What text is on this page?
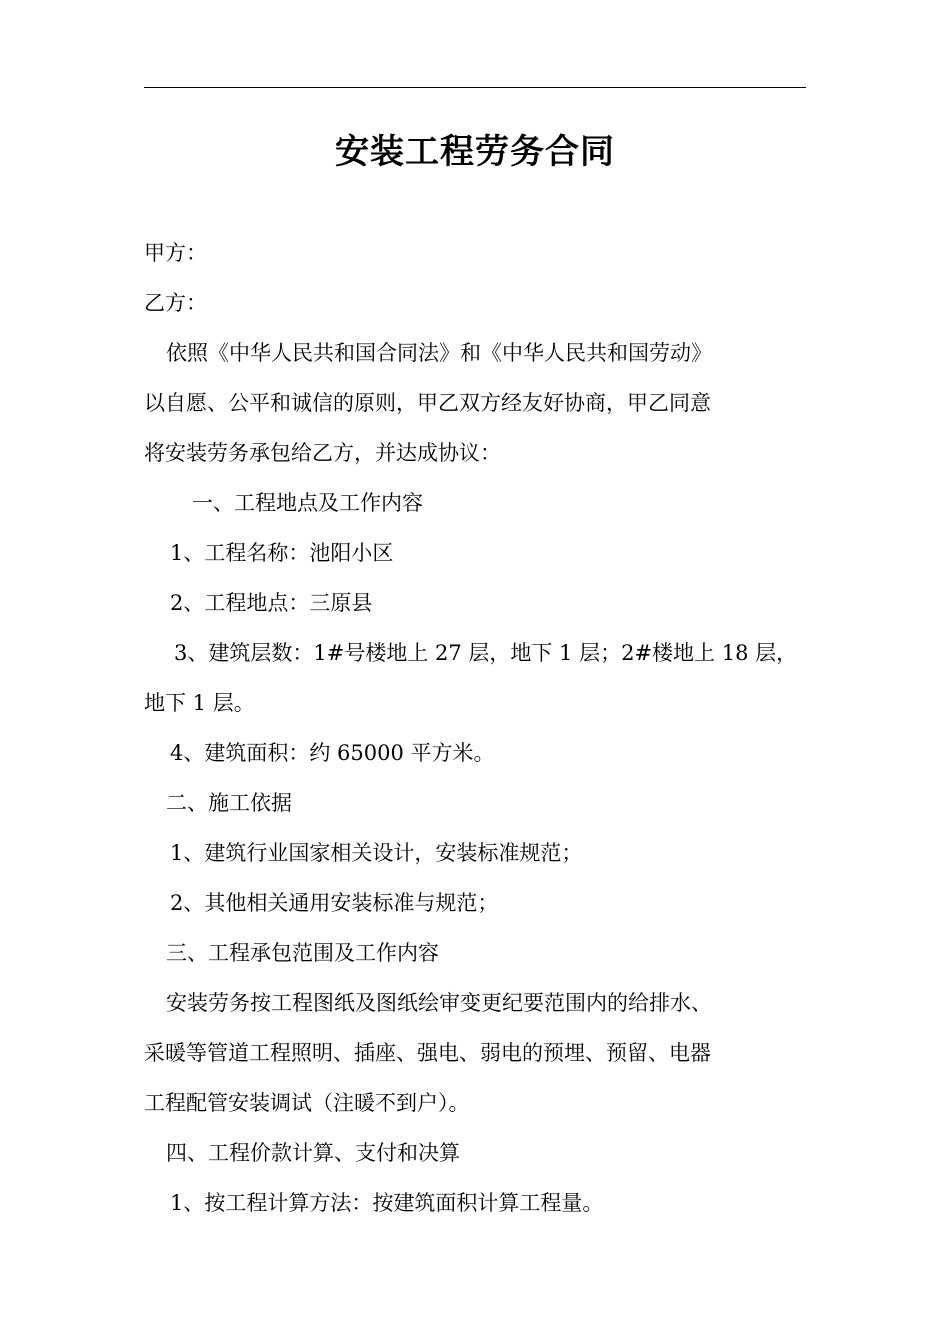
安装工程劳务合同
甲方：
乙方：
依照《中华人民共和国合同法》和《中华人民共和国劳动》
以自愿、公平和诚信的原则，甲乙双方经友好协商，甲乙同意
将安装劳务承包给乙方，并达成协议：
一、工程地点及工作内容
1、工程名称：池阳小区
2、工程地点：三原县
3、建筑层数：1#号楼地上 27 层，地下 1 层；2#楼地上 18 层，
地下 1 层。
4、建筑面积：约 65000 平方米。
二、施工依据
1、建筑行业国家相关设计，安装标准规范；
2、其他相关通用安装标准与规范；
三、工程承包范围及工作内容
安装劳务按工程图纸及图纸绘审变更纪要范围内的给排水、
采暖等管道工程照明、插座、强电、弱电的预埋、预留、电器
工程配管安装调试（注暖不到户）。
四、工程价款计算、支付和决算
1、按工程计算方法：按建筑面积计算工程量。
